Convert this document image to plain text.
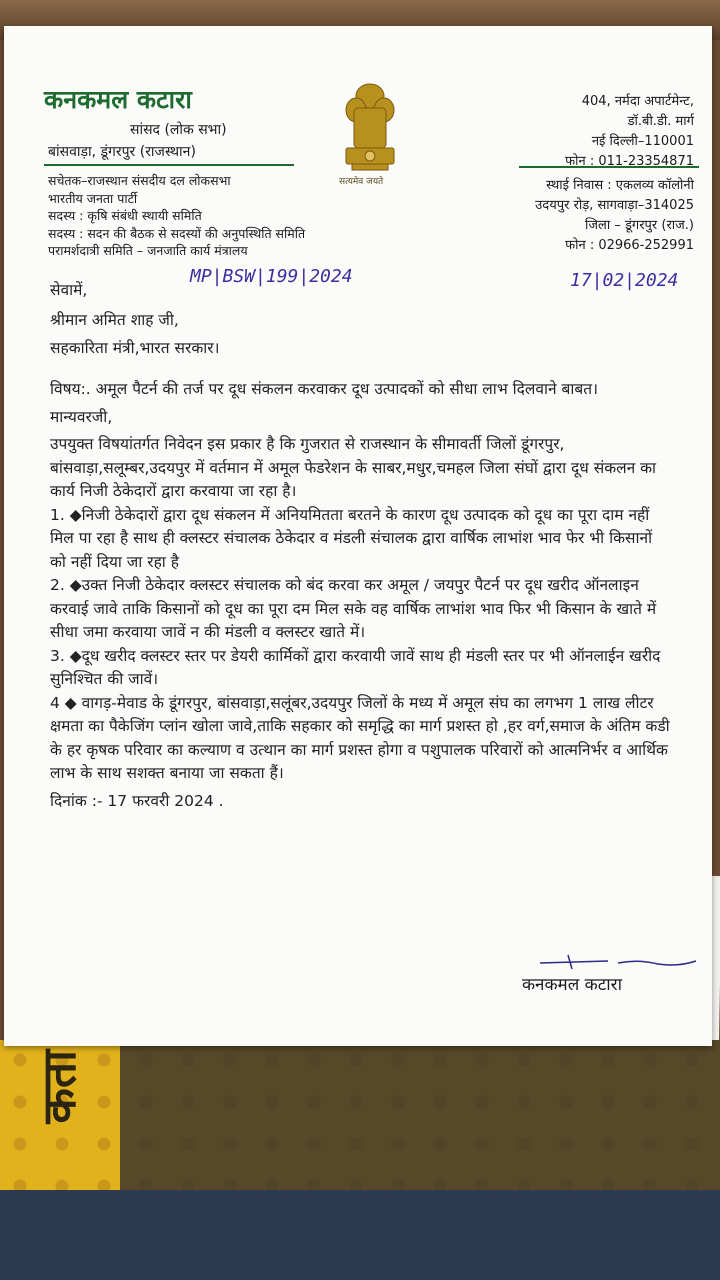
कता
कनकमल कटारा
सांसद (लोक सभा)
बांसवाड़ा, डूंगरपुर (राजस्थान)
सचेतक–राजस्थान संसदीय दल लोकसभा
भारतीय जनता पार्टी
सदस्य : कृषि संबंधी स्थायी समिति
सदस्य : सदन की बैठक से सदस्यों की अनुपस्थिति समिति
परामर्शदात्री समिति – जनजाति कार्य मंत्रालय
सत्यमेव जयते
404, नर्मदा अपार्टमेन्ट,
डॉ.बी.डी. मार्ग
नई दिल्ली–110001
फोन : 011-23354871
स्थाई निवास : एकलव्य कॉलोनी
उदयपुर रोड़, सागवाड़ा–314025
जिला – डूंगरपुर (राज.)
फोन : 02966-252991
MP|BSW|199|2024	17|02|2024
सेवामें,
श्रीमान अमित शाह जी,
सहकारिता मंत्री,भारत सरकार।

विषय:. अमूल पैटर्न की तर्ज पर दूध संकलन करवाकर दूध उत्पादकों को सीधा लाभ दिलवाने बाबत।

मान्यवरजी,

उपयुक्त विषयांतर्गत निवेदन इस प्रकार है कि गुजरात से राजस्थान के सीमावर्ती जिलों डूंगरपुर, बांसवाड़ा,सलूम्बर,उदयपुर में वर्तमान में अमूल फेडरेशन के साबर,मधुर,चमहल जिला संघों द्वारा दूध संकलन का कार्य निजी ठेकेदारों द्वारा करवाया जा रहा है।

1. ◆निजी ठेकेदारों द्वारा दूध संकलन में अनियमितता बरतने के कारण दूध उत्पादक को दूध का पूरा दाम नहीं मिल पा रहा है साथ ही क्लस्टर संचालक ठेकेदार व मंडली संचालक द्वारा वार्षिक लाभांश भाव फेर भी किसानों को नहीं दिया जा रहा है

2. ◆उक्त निजी ठेकेदार क्लस्टर संचालक को बंद करवा कर अमूल / जयपुर पैटर्न पर दूध खरीद ऑनलाइन करवाई जावे ताकि किसानों को दूध का पूरा दम मिल सके वह वार्षिक लाभांश भाव फिर भी किसान के खाते में सीधा जमा करवाया जावें न की मंडली व क्लस्टर खाते में।

3. ◆दूध खरीद क्लस्टर स्तर पर डेयरी कार्मिकों द्वारा करवायी जावें साथ ही मंडली स्तर पर भी ऑनलाईन खरीद सुनिश्चित की जावें।

4 ◆ वागड़-मेवाड के डूंगरपुर, बांसवाड़ा,सलूंबर,उदयपुर जिलों के मध्य में अमूल संघ का लगभग 1 लाख लीटर क्षमता का पैकेजिंग प्लांन खोला जावे,ताकि सहकार को समृद्धि का मार्ग प्रशस्त हो ,हर वर्ग,समाज के अंतिम कडी के हर कृषक परिवार का कल्याण व उत्थान का मार्ग प्रशस्त होगा व पशुपालक परिवारों को आत्मनिर्भर व आर्थिक लाभ के साथ सशक्त बनाया जा सकता हैं।

दिनांक :- 17 फरवरी 2024 .

कनकमल कटारा
